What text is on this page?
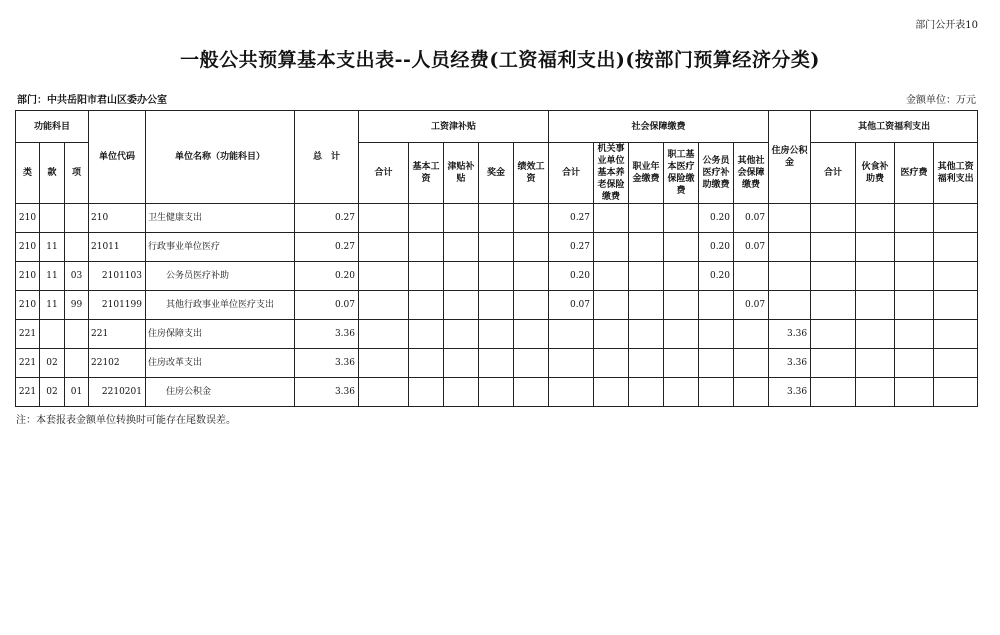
部门公开表10
一般公共预算基本支出表--人员经费(工资福利支出)(按部门预算经济分类)
部门：中共岳阳市君山区委办公室	金额单位：万元
功能科目			单位代码	单位名称（功能科目）	总　计	工资津补贴					社会保障缴费						住房公积金	其他工资福利支出			
类	款	项				合计	基本工资	津贴补贴	奖金	绩效工资	合计	机关事业单位基本养老保险缴费	职业年金缴费	职工基本医疗保险缴费	公务员医疗补助缴费	其他社会保障缴费		合计	伙食补助费	医疗费	其他工资福利支出
210			210	卫生健康支出	0.27						0.27				0.20	0.07					
210	11		21011	行政事业单位医疗	0.27						0.27				0.20	0.07					
210	11	03	2101103	公务员医疗补助	0.20						0.20				0.20						
210	11	99	2101199	其他行政事业单位医疗支出	0.07						0.07					0.07					
221			221	住房保障支出	3.36												3.36				
221	02		22102	住房改革支出	3.36												3.36				
221	02	01	2210201	住房公积金	3.36												3.36				
注：本套报表金额单位转换时可能存在尾数误差。
